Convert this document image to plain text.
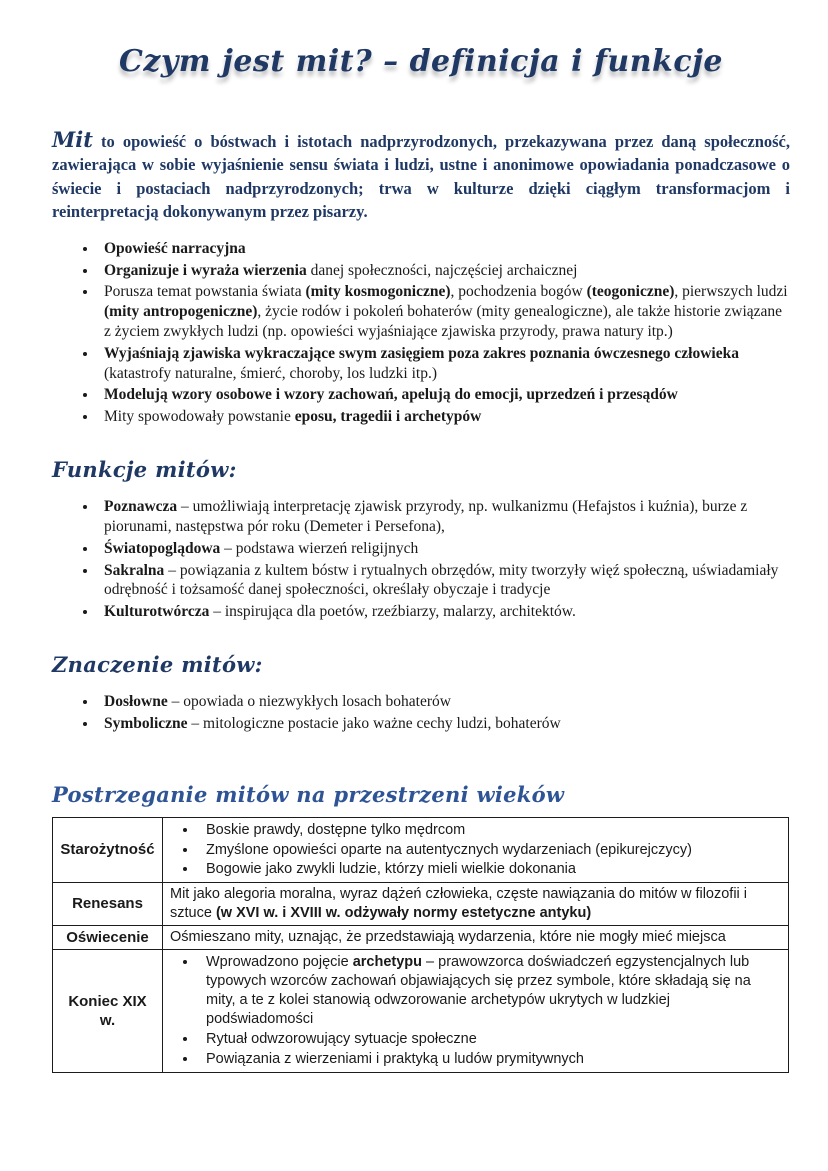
Czym jest mit? – definicja i funkcje

Mit to opowieść o bóstwach i istotach nadprzyrodzonych, przekazywana przez daną społeczność, zawierająca w sobie wyjaśnienie sensu świata i ludzi, ustne i anonimowe opowiadania ponadczasowe o świecie i postaciach nadprzyrodzonych; trwa w kulturze dzięki ciągłym transformacjom i reinterpretacją dokonywanym przez pisarzy.

• Opowieść narracyjna
• Organizuje i wyraża wierzenia danej społeczności, najczęściej archaicznej
• Porusza temat powstania świata (mity kosmogoniczne), pochodzenia bogów (teogoniczne), pierwszych ludzi (mity antropogeniczne), życie rodów i pokoleń bohaterów (mity genealogiczne), ale także historie związane z życiem zwykłych ludzi (np. opowieści wyjaśniające zjawiska przyrody, prawa natury itp.)
• Wyjaśniają zjawiska wykraczające swym zasięgiem poza zakres poznania ówczesnego człowieka (katastrofy naturalne, śmierć, choroby, los ludzki itp.)
• Modelują wzory osobowe i wzory zachowań, apelują do emocji, uprzedzeń i przesądów
• Mity spowodowały powstanie eposu, tragedii i archetypów
Funkcje mitów:
• Poznawcza – umożliwiają interpretację zjawisk przyrody, np. wulkanizmu (Hefajstos i kuźnia), burze z piorunami, następstwa pór roku (Demeter i Persefona),
• Światopoglądowa – podstawa wierzeń religijnych
• Sakralna – powiązania z kultem bóstw i rytualnych obrzędów, mity tworzyły więź społeczną, uświadamiały odrębność i tożsamość danej społeczności, określały obyczaje i tradycje
• Kulturotwórcza – inspirująca dla poetów, rzeźbiarzy, malarzy, architektów.
Znaczenie mitów:
• Dosłowne – opowiada o niezwykłych losach bohaterów
• Symboliczne – mitologiczne postacie jako ważne cechy ludzi, bohaterów
Postrzeganie mitów na przestrzeni wieków
Starożytność	
• Boskie prawdy, dostępne tylko mędrcom
• Zmyślone opowieści oparte na autentycznych wydarzeniach (epikurejczycy)
• Bogowie jako zwykli ludzie, którzy mieli wielkie dokonania

Renesans	Mit jako alegoria moralna, wyraz dążeń człowieka, częste nawiązania do mitów w filozofii i sztuce (w XVI w. i XVIII w. odżywały normy estetyczne antyku)

Oświecenie	Ośmieszano mity, uznając, że przedstawiają wydarzenia, które nie mogły mieć miejsca

Koniec XIX w.	
• Wprowadzono pojęcie archetypu – prawowzorca doświadczeń egzystencjalnych lub typowych wzorców zachowań objawiających się przez symbole, które składają się na mity, a te z kolei stanowią odwzorowanie archetypów ukrytych w ludzkiej podświadomości
• Rytuał odwzorowujący sytuacje społeczne
• Powiązania z wierzeniami i praktyką u ludów prymitywnych
